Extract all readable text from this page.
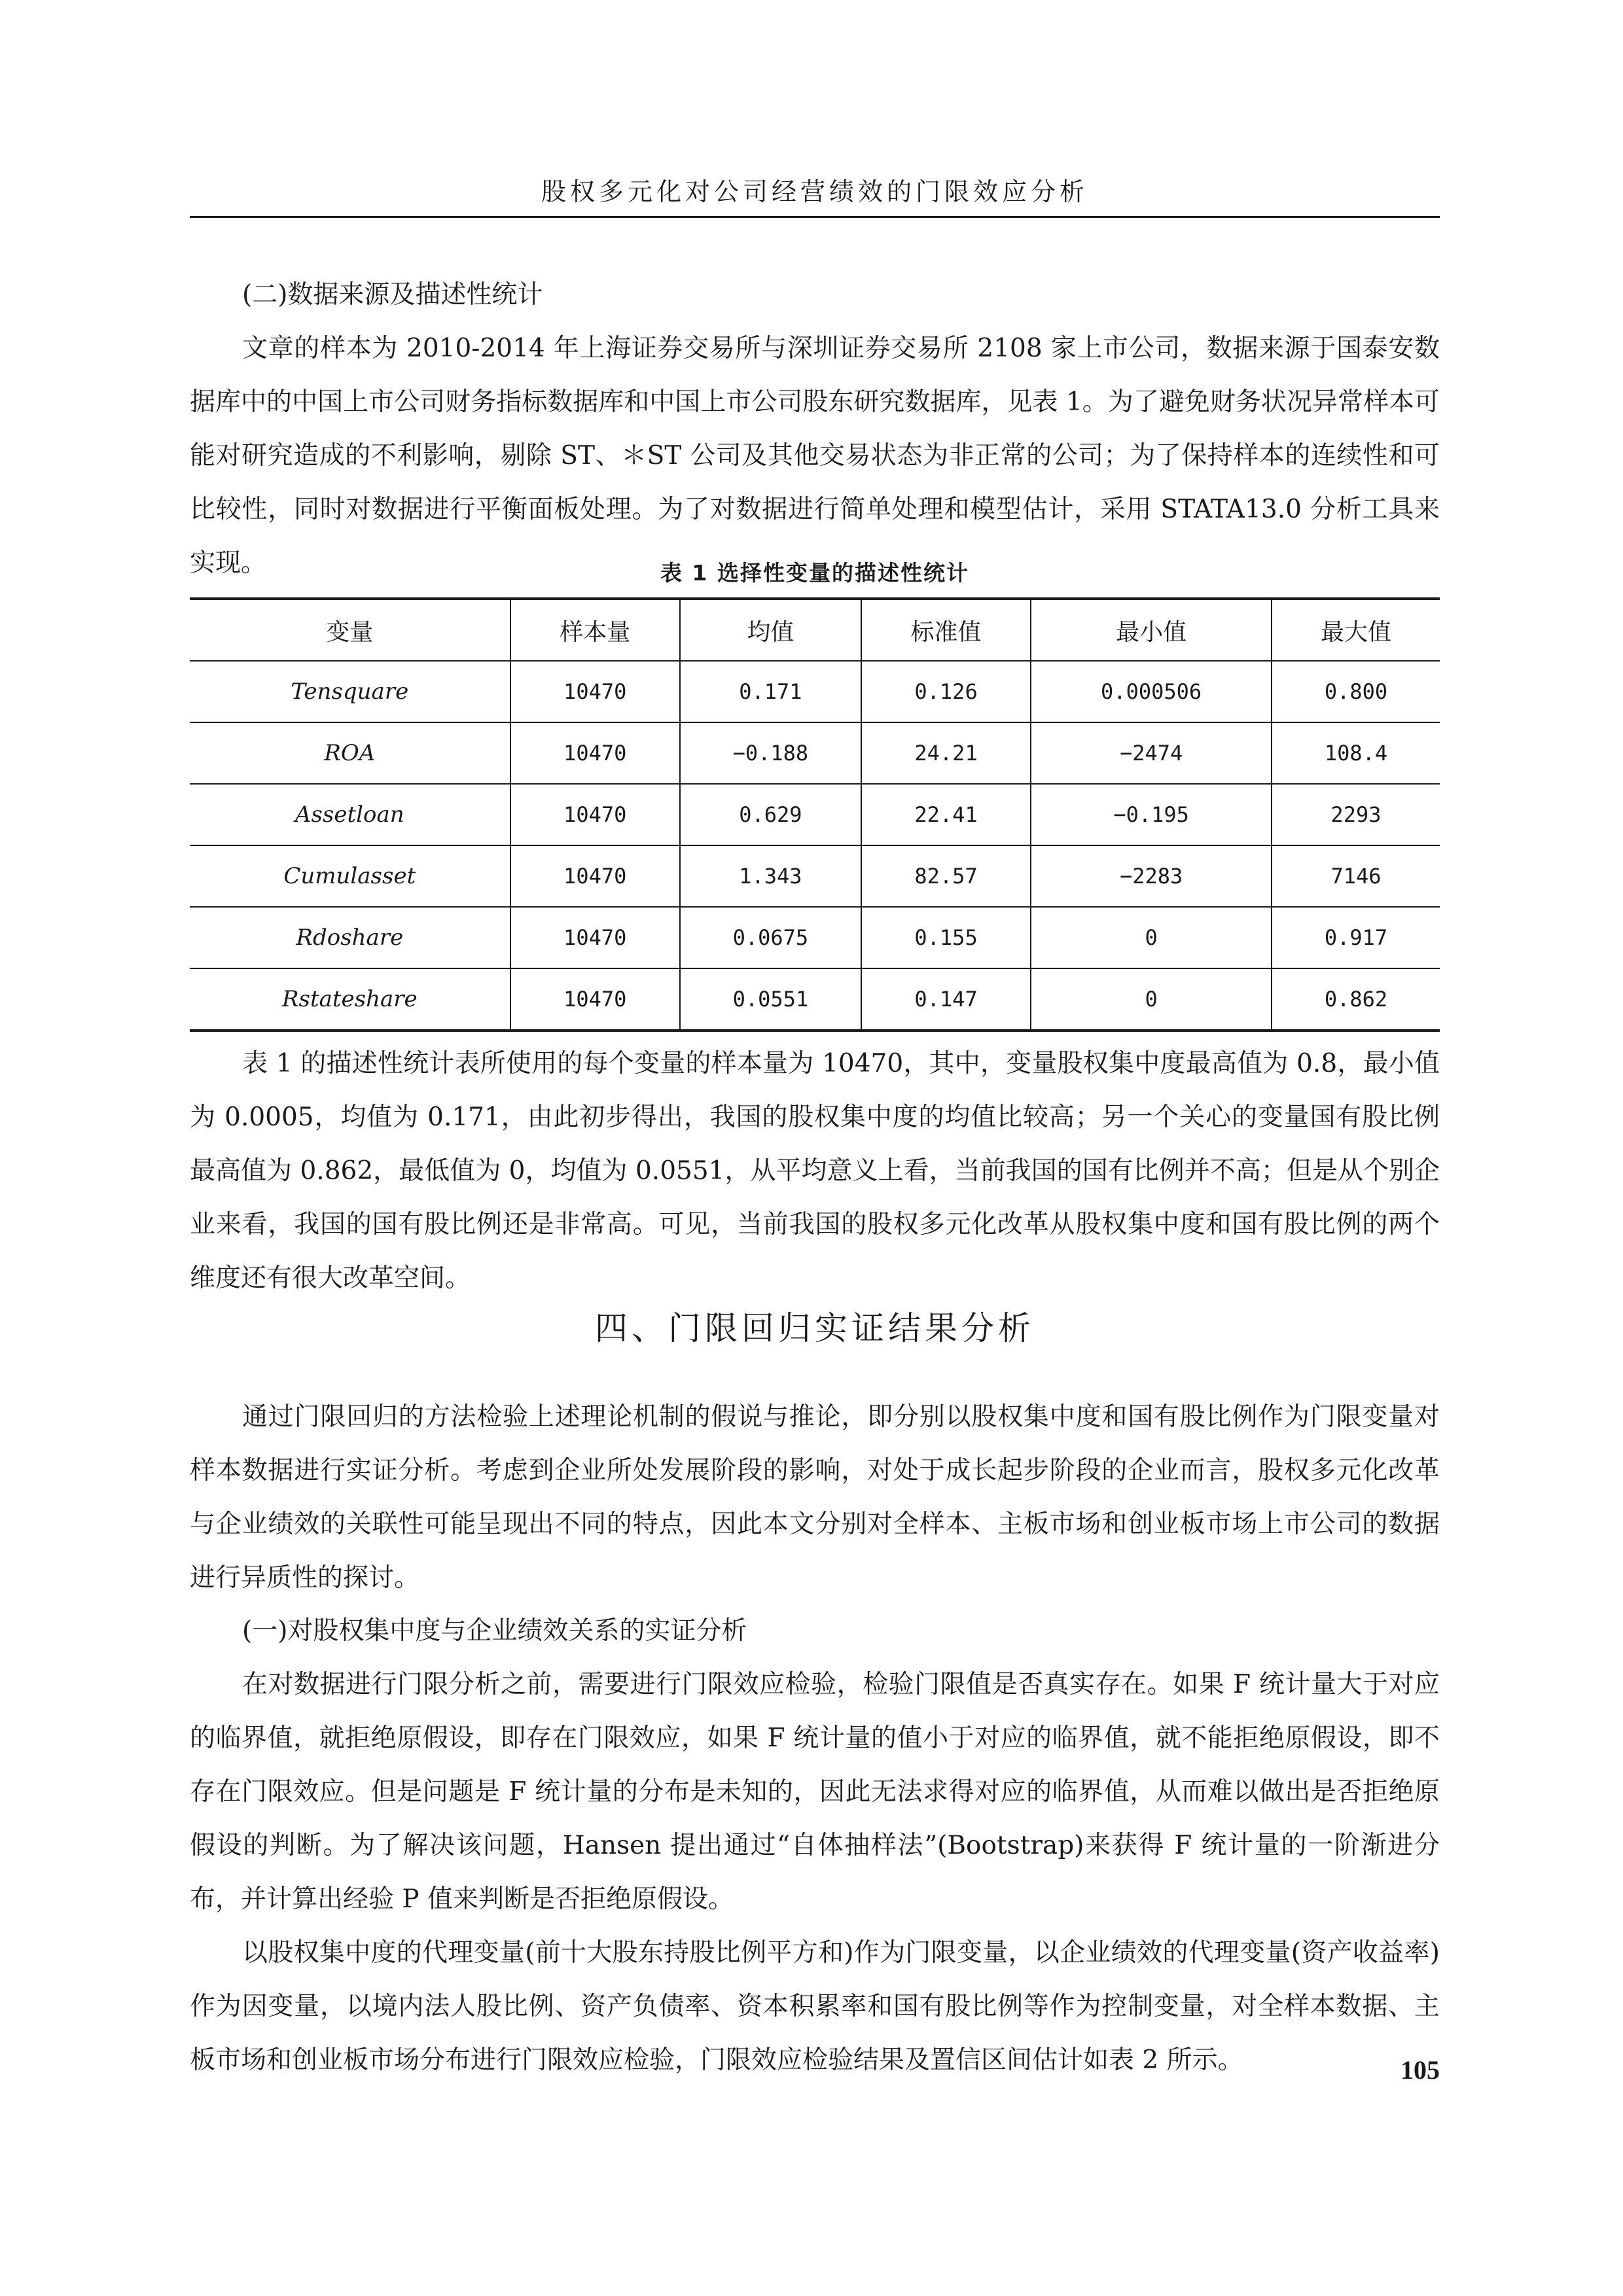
股权多元化对公司经营绩效的门限效应分析

(二)数据来源及描述性统计

文章的样本为 2010-2014 年上海证券交易所与深圳证券交易所 2108 家上市公司，数据来源于国泰安数据库中的中国上市公司财务指标数据库和中国上市公司股东研究数据库，见表 1。为了避免财务状况异常样本可能对研究造成的不利影响，剔除 ST、＊ST 公司及其他交易状态为非正常的公司；为了保持样本的连续性和可比较性，同时对数据进行平衡面板处理。为了对数据进行简单处理和模型估计，采用 STATA13.0 分析工具来实现。	表 1 选择性变量的描述性统计
变量	样本量	均值	标准值	最小值	最大值
Tensquare	10470	0.171	0.126	0.000506	0.800
ROA	10470	−0.188	24.21	−2474	108.4
Assetloan	10470	0.629	22.41	−0.195	2293
Cumulasset	10470	1.343	82.57	−2283	7146
Rdoshare	10470	0.0675	0.155	0	0.917
Rstateshare	10470	0.0551	0.147	0	0.862

表 1 的描述性统计表所使用的每个变量的样本量为 10470，其中，变量股权集中度最高值为 0.8，最小值为 0.0005，均值为 0.171，由此初步得出，我国的股权集中度的均值比较高；另一个关心的变量国有股比例最高值为 0.862，最低值为 0，均值为 0.0551，从平均意义上看，当前我国的国有比例并不高；但是从个别企业来看，我国的国有股比例还是非常高。可见，当前我国的股权多元化改革从股权集中度和国有股比例的两个维度还有很大改革空间。

四、门限回归实证结果分析

通过门限回归的方法检验上述理论机制的假说与推论，即分别以股权集中度和国有股比例作为门限变量对样本数据进行实证分析。考虑到企业所处发展阶段的影响，对处于成长起步阶段的企业而言，股权多元化改革与企业绩效的关联性可能呈现出不同的特点，因此本文分别对全样本、主板市场和创业板市场上市公司的数据进行异质性的探讨。

(一)对股权集中度与企业绩效关系的实证分析

在对数据进行门限分析之前，需要进行门限效应检验，检验门限值是否真实存在。如果 F 统计量大于对应的临界值，就拒绝原假设，即存在门限效应，如果 F 统计量的值小于对应的临界值，就不能拒绝原假设，即不存在门限效应。但是问题是 F 统计量的分布是未知的，因此无法求得对应的临界值，从而难以做出是否拒绝原假设的判断。为了解决该问题，Hansen 提出通过“自体抽样法”(Bootstrap)来获得 F 统计量的一阶渐进分布，并计算出经验 P 值来判断是否拒绝原假设。

以股权集中度的代理变量(前十大股东持股比例平方和)作为门限变量，以企业绩效的代理变量(资产收益率)作为因变量，以境内法人股比例、资产负债率、资本积累率和国有股比例等作为控制变量，对全样本数据、主板市场和创业板市场分布进行门限效应检验，门限效应检验结果及置信区间估计如表 2 所示。	105
